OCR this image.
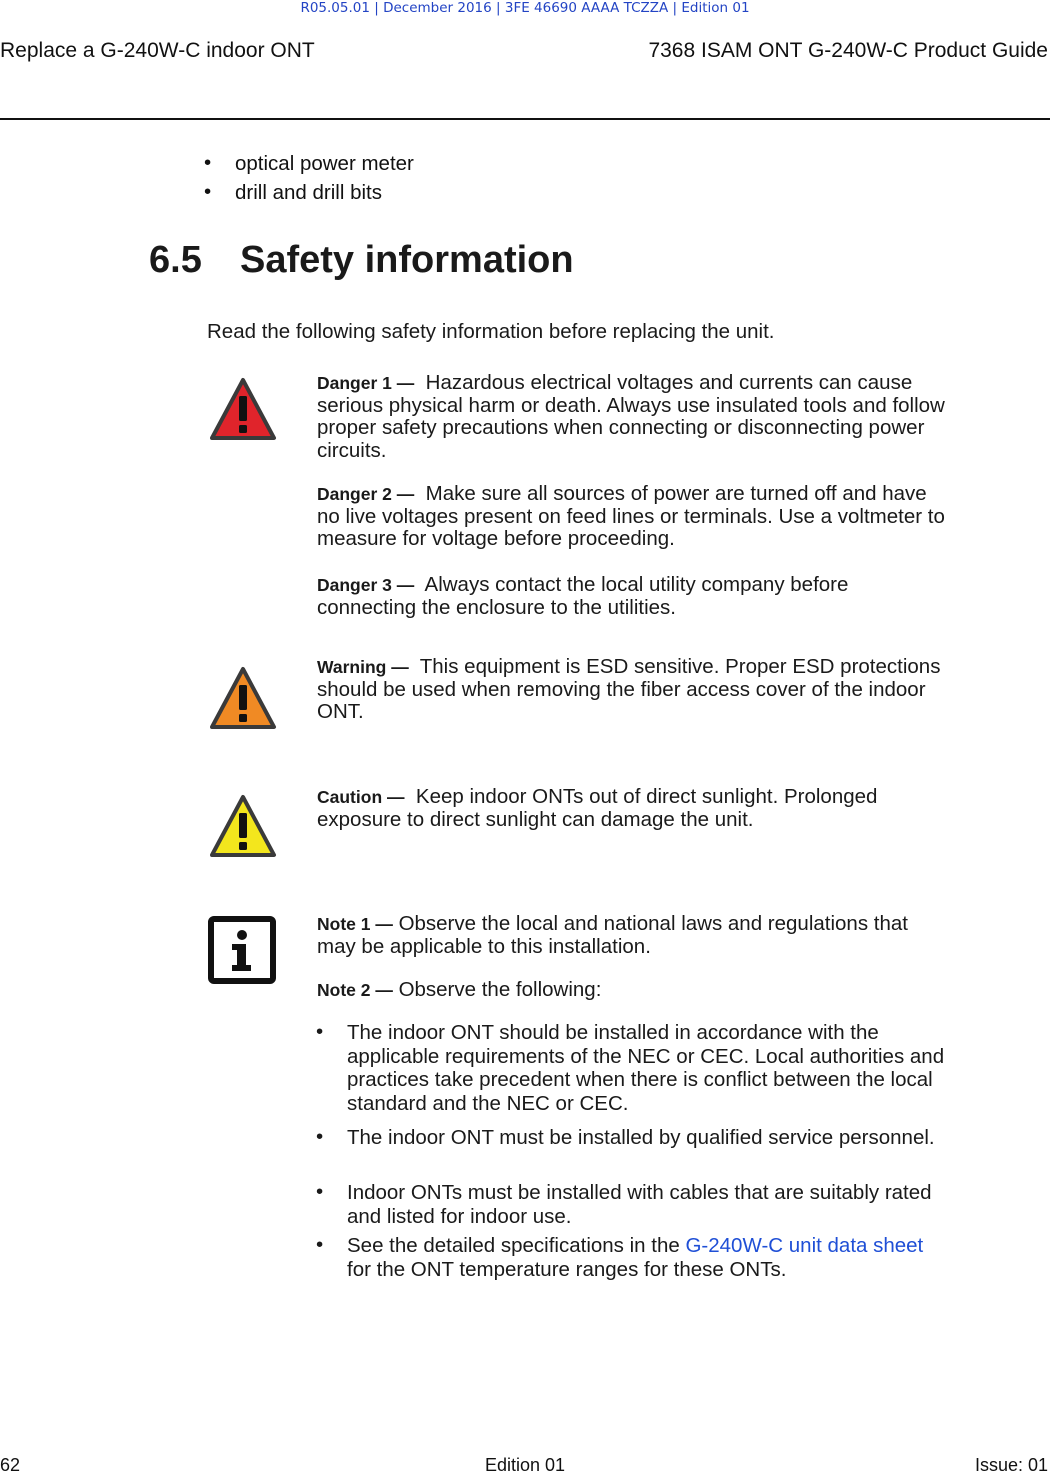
R05.05.01 | December 2016 | 3FE 46690 AAAA TCZZA | Edition 01
Replace a G-240W-C indoor ONT	7368 ISAM ONT G-240W-C Product Guide
• optical power meter
• drill and drill bits
6.5 Safety information
Read the following safety information before replacing the unit.
Danger 1 — Hazardous electrical voltages and currents can cause serious physical harm or death. Always use insulated tools and follow proper safety precautions when connecting or disconnecting power circuits.
Danger 2 — Make sure all sources of power are turned off and have no live voltages present on feed lines or terminals. Use a voltmeter to measure for voltage before proceeding.
Danger 3 — Always contact the local utility company before connecting the enclosure to the utilities.
Warning — This equipment is ESD sensitive. Proper ESD protections should be used when removing the fiber access cover of the indoor ONT.
Caution — Keep indoor ONTs out of direct sunlight. Prolonged exposure to direct sunlight can damage the unit.
Note 1 — Observe the local and national laws and regulations that may be applicable to this installation.
Note 2 — Observe the following:
• The indoor ONT should be installed in accordance with the applicable requirements of the NEC or CEC. Local authorities and practices take precedent when there is conflict between the local standard and the NEC or CEC.
• The indoor ONT must be installed by qualified service personnel.
• Indoor ONTs must be installed with cables that are suitably rated and listed for indoor use.
• See the detailed specifications in the G-240W-C unit data sheet for the ONT temperature ranges for these ONTs.
62	Edition 01	Issue: 01
